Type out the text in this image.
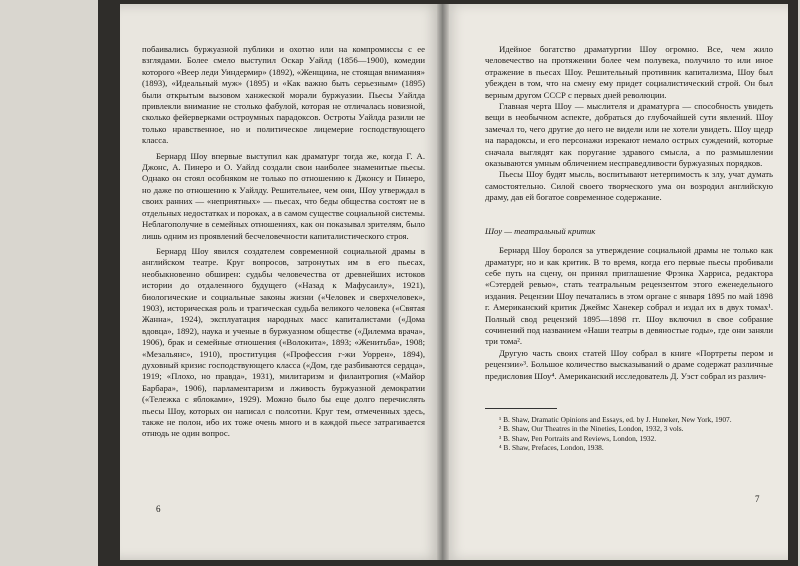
побаивались буржуазной публики и охотно или на компромиссы с ее взглядами. Более смело выступил Оскар Уайлд (1856—1900), комедии которого «Веер леди Уиндермир» (1892), «Женщина, не стоящая внимания» (1893), «Идеальный муж» (1895) и «Как важно быть серьезным» (1895) были открытым вызовом ханжеской морали буржуазии. Пьесы Уайлда привлекли внимание не столько фабулой, которая не отличалась новизной, сколько фейерверками остроумных парадоксов. Остроты Уайлда разили не только нравственное, но и политическое лицемерие господствующего класса.

Бернард Шоу впервые выступил как драматург тогда же, когда Г. А. Джонс, А. Пинеро и О. Уайлд создали свои наиболее знаменитые пьесы. Однако он стоял особняком не только по отношению к Джонсу и Пинеро, но даже по отношению к Уайлду. Решительнее, чем они, Шоу утверждал в своих ранних — «неприятных» — пьесах, что беды общества состоят не в отдельных недостатках и пороках, а в самом существе социальной системы. Неблагополучие в семейных отношениях, как он показывал зрителям, было лишь одним из проявлений бесчеловечности капиталистического строя.

Бернард Шоу явился создателем современной социальной драмы в английском театре. Круг вопросов, затронутых им в его пьесах, необыкновенно обширен: судьбы человечества от древнейших истоков истории до отдаленного будущего («Назад к Мафусаилу», 1921), биологические и социальные законы жизни («Человек и сверхчеловек», 1903), историческая роль и трагическая судьба великого человека («Святая Жанна», 1924), эксплуатация народных масс капиталистами («Дома вдовца», 1892), наука и ученые в буржуазном обществе («Дилемма врача», 1906), брак и семейные отношения («Волокита», 1893; «Женитьба», 1908; «Мезальянс», 1910), проституция («Профессия г-жи Уоррен», 1894), духовный кризис господствующего класса («Дом, где разбиваются сердца», 1919; «Плохо, но правда», 1931), милитаризм и филантропия («Майор Барбара», 1906), парламентаризм и лживость буржуазной демократии («Тележка с яблоками», 1929). Можно было бы еще долго перечислять пьесы Шоу, которых он написал с полсотни. Круг тем, отмеченных здесь, также не полон, ибо их тоже очень много и в каждой пьесе затрагивается отнюдь не один вопрос.

6

Идейное богатство драматургии Шоу огромно. Все, чем жило человечество на протяжении более чем полувека, получило то или иное отражение в пьесах Шоу. Решительный противник капитализма, Шоу был убежден в том, что на смену ему придет социалистический строй. Он был верным другом СССР с первых дней революции.

Главная черта Шоу — мыслителя и драматурга — способность увидеть вещи в необычном аспекте, добраться до глубочайшей сути явлений. Шоу замечал то, чего другие до него не видели или не хотели увидеть. Шоу щедр на парадоксы, и его персонажи изрекают немало острых суждений, которые сначала выглядят как поругание здравого смысла, а по размышлении оказываются умным обличением несправедливости буржуазных порядков.

Пьесы Шоу будят мысль, воспитывают нетерпимость к злу, учат думать самостоятельно. Силой своего творческого ума он возродил английскую драму, дав ей богатое современное содержание.

Шоу — театральный критик

Бернард Шоу боролся за утверждение социальной драмы не только как драматург, но и как критик. В то время, когда его первые пьесы пробивали себе путь на сцену, он принял приглашение Фрэнка Харриса, редактора «Сэтердей ревью», стать театральным рецензентом этого еженедельного издания. Рецензии Шоу печатались в этом органе с января 1895 по май 1898 г. Американский критик Джеймс Ханекер собрал и издал их в двух томах¹. Полный свод рецензий 1895—1898 гг. Шоу включил в свое собрание сочинений под названием «Наши театры в девяностые годы», где они заняли три тома².

Другую часть своих статей Шоу собрал в книге «Портреты пером и рецензии»³. Большое количество высказываний о драме содержат различные предисловия Шоу⁴. Американский исследователь Д. Уэст собрал из различ-

¹ B. Shaw, Dramatic Opinions and Essays, ed. by J. Huneker, New York, 1907.

² B. Shaw, Our Theatres in the Nineties, London, 1932, 3 vols.

³ B. Shaw, Pen Portraits and Reviews, London, 1932.

⁴ B. Shaw, Prefaces, London, 1938.

7
